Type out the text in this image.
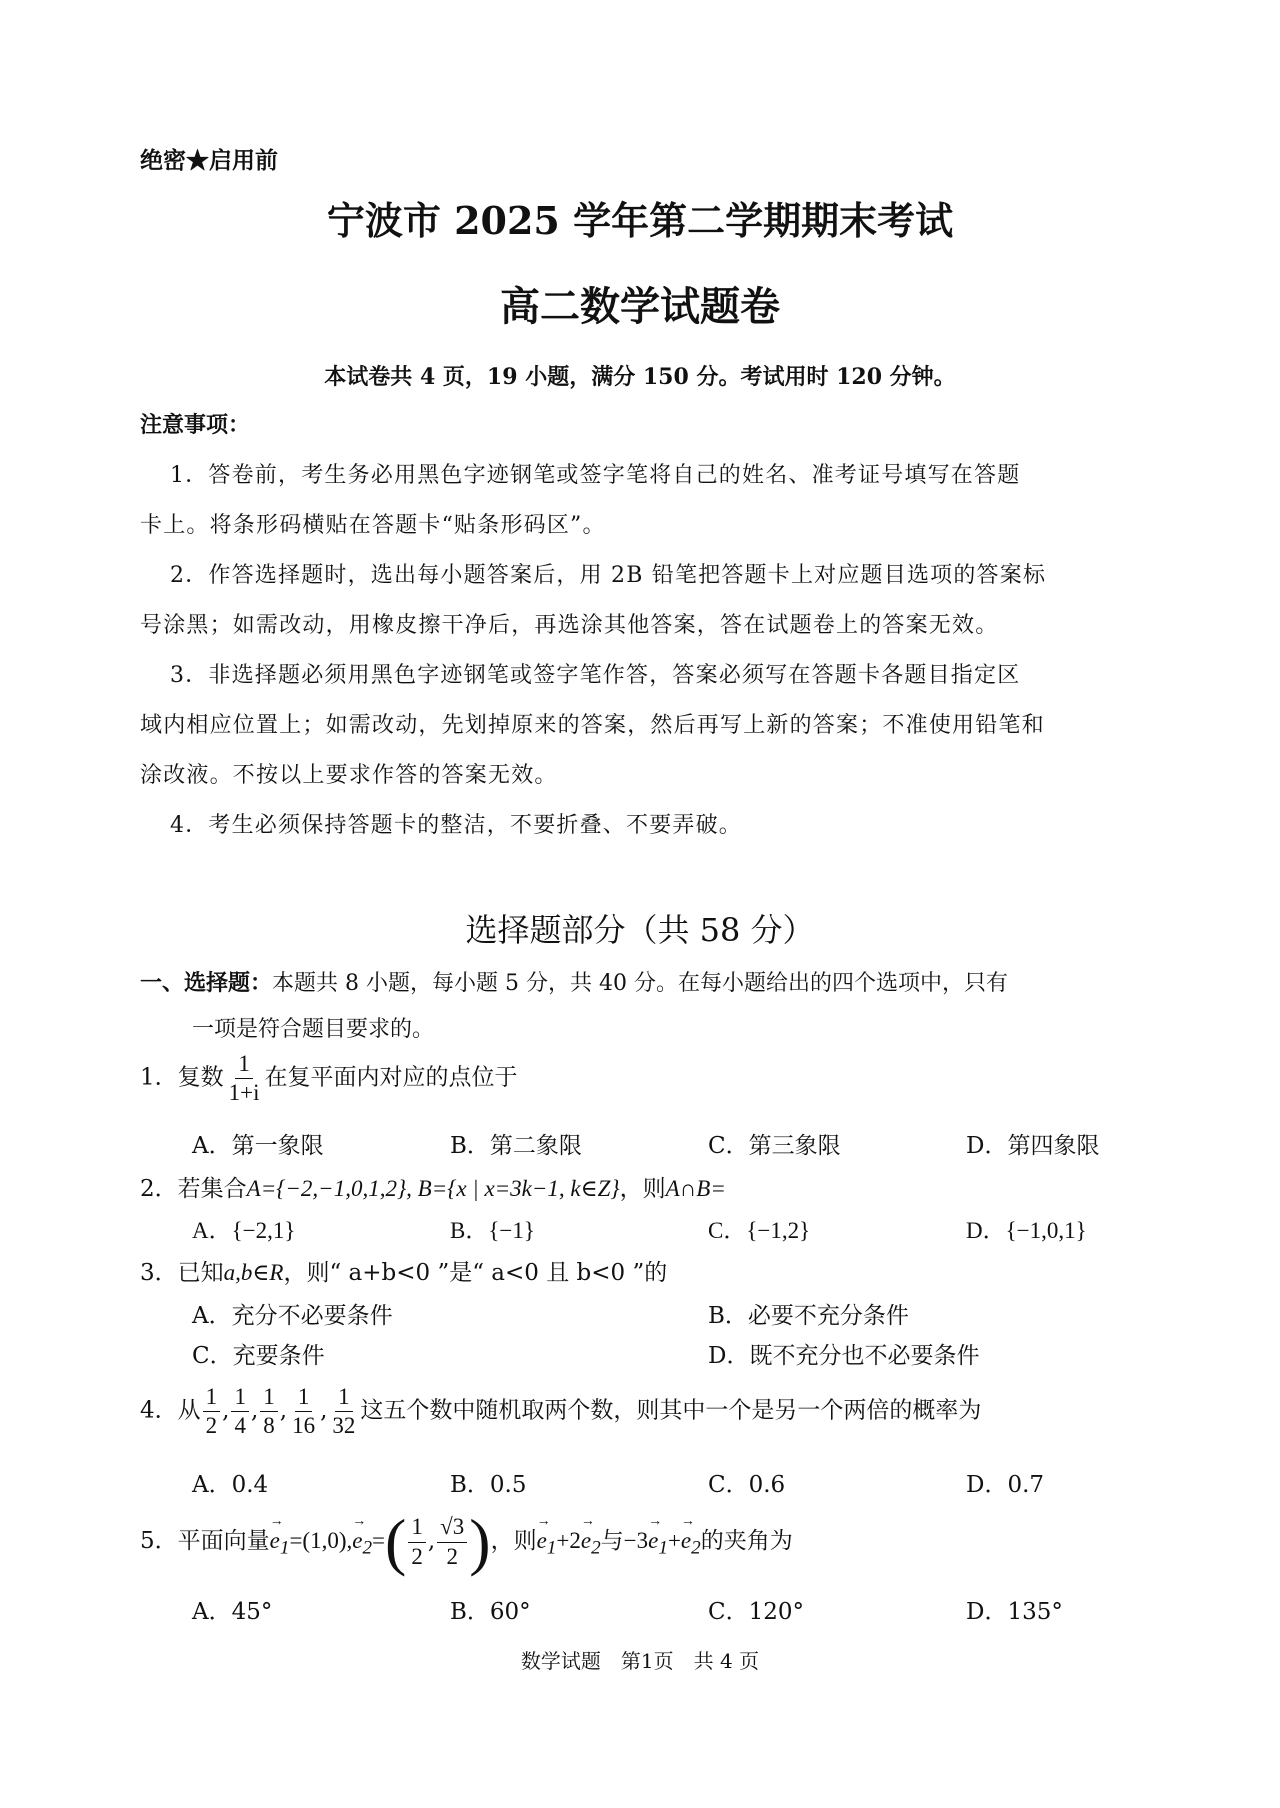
绝密★启用前
宁波市 2025 学年第二学期期末考试
高二数学试题卷
本试卷共 4 页，19 小题，满分 150 分。考试用时 120 分钟。
注意事项：
1．答卷前，考生务必用黑色字迹钢笔或签字笔将自己的姓名、准考证号填写在答题
卡上。将条形码横贴在答题卡“贴条形码区”。
2．作答选择题时，选出每小题答案后，用 2B 铅笔把答题卡上对应题目选项的答案标
号涂黑；如需改动，用橡皮擦干净后，再选涂其他答案，答在试题卷上的答案无效。
3．非选择题必须用黑色字迹钢笔或签字笔作答，答案必须写在答题卡各题目指定区
域内相应位置上；如需改动，先划掉原来的答案，然后再写上新的答案；不准使用铅笔和
涂改液。不按以上要求作答的答案无效。
4．考生必须保持答题卡的整洁，不要折叠、不要弄破。
选择题部分（共 58 分）
一、选择题：本题共 8 小题，每小题 5 分，共 40 分。在每小题给出的四个选项中，只有
一项是符合题目要求的。
1．复数 $\frac{1}{1+i}$ 在复平面内对应的点位于
A．第一象限	B．第二象限	C．第三象限	D．第四象限
2．若集合A={−2,−1,0,1,2}, B={x | x=3k−1, k∈Z}，则A∩B=
A．{−2,1}	B．{−1}	C．{−1,2}	D．{−1,0,1}
3．已知a,b∈R，则“ a+b<0 ”是“ a<0 且 b<0 ”的
A．充分不必要条件	B．必要不充分条件
C．充要条件	D．既不充分也不必要条件
4．从 $\frac{1}{2}$ , $\frac{1}{4}$ , $\frac{1}{8}$ , $\frac{1}{16}$ , $\frac{1}{32}$ 这五个数中随机取两个数，则其中一个是另一个两倍的概率为
A．0.4	B．0.5	C．0.6	D．0.7
5．平面向量→ $e_1=(1,0),\to e_2=( \frac{1}{2}$ , $\frac{√3}{2}$ )，则→ $e_1+2\to e_2$与$-3\to e_1+\to e_2$的夹角为
A．45°	B．60°	C．120°	D．135°
数学试题　第1页　共 4 页
